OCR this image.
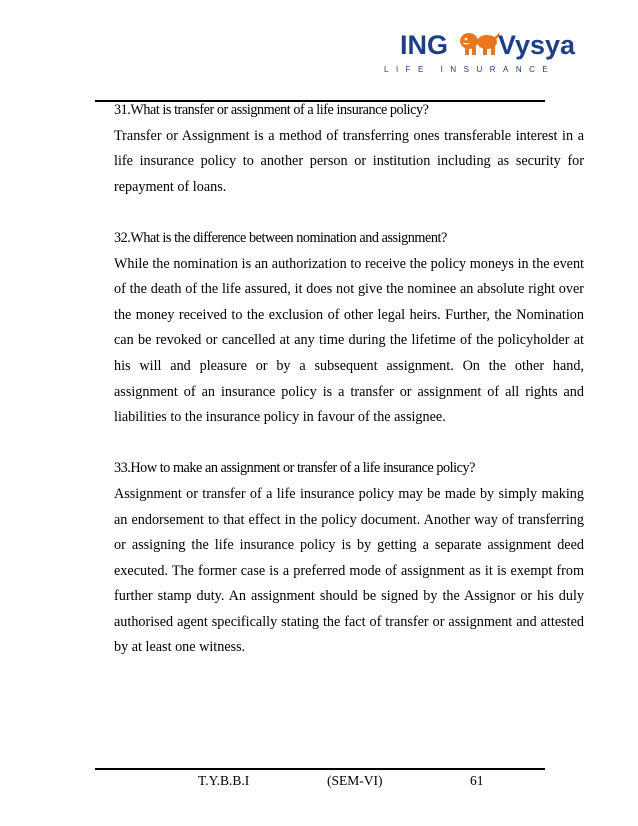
ING Vysya
LIFE INSURANCE

31.What is transfer or assignment of a life insurance policy?

Transfer or Assignment is a method of transferring ones transferable interest in a life insurance policy to another person or institution including as security for repayment of loans.

32.What is the difference between nomination and assignment?

While the nomination is an authorization to receive the policy moneys in the event of the death of the life assured, it does not give the nominee an absolute right over the money received to the exclusion of other legal heirs. Further, the Nomination can be revoked or cancelled at any time during the lifetime of the policyholder at his will and pleasure or by a subsequent assignment. On the other hand, assignment of an insurance policy is a transfer or assignment of all rights and liabilities to the insurance policy in favour of the assignee.

33.How to make an assignment or transfer of a life insurance policy?

Assignment or transfer of a life insurance policy may be made by simply making an endorsement to that effect in the policy document. Another way of transferring or assigning the life insurance policy is by getting a separate assignment deed executed. The former case is a preferred mode of assignment as it is exempt from further stamp duty. An assignment should be signed by the Assignor or his duly authorised agent specifically stating the fact of transfer or assignment and attested by at least one witness.

T.Y.B.B.I	(SEM-VI)	61
